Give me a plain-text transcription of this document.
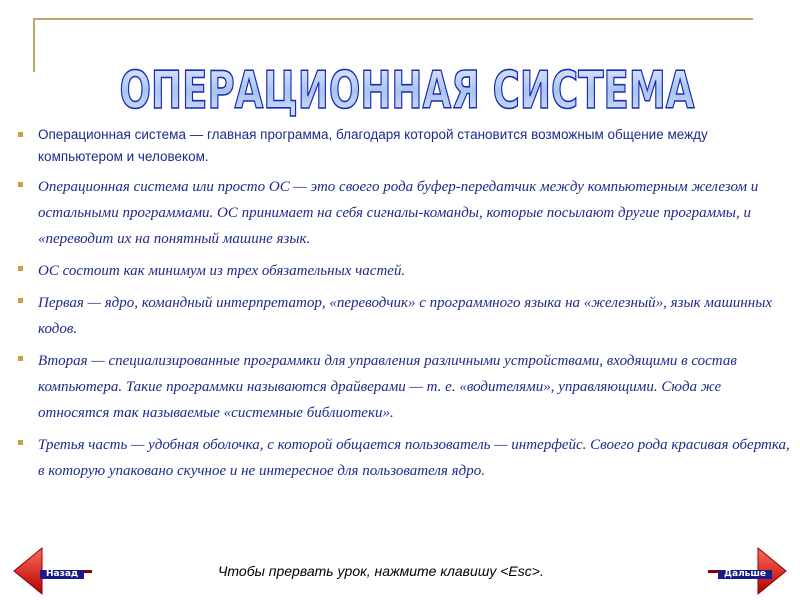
ОПЕРАЦИОННАЯ СИСТЕМА
Операционная система — главная программа, благодаря которой становится возможным общение между компьютером и человеком.
Операционная система или просто ОС — это своего рода буфер-передатчик между компьютерным железом и остальными программами. ОС принимает на себя сигналы-команды, которые посылают другие программы, и «переводит их на понятный машине язык.
ОС состоит как минимум из трех обязательных частей.
Первая — ядро, командный интерпретатор, «переводчик» с программного языка на «железный», язык машинных кодов.
Вторая — специализированные программки для управления различными устройствами, входящими в состав компьютера. Такие программки называются драйверами — т. е. «водителями», управляющими. Сюда же относятся так называемые «системные библиотеки».
Третья часть — удобная оболочка, с которой общается пользователь — интерфейс. Своего рода красивая обертка, в которую упаковано скучное и не интересное для пользователя ядро.
Назад	Чтобы прервать урок, нажмите клавишу <Esc>.	Дальше
